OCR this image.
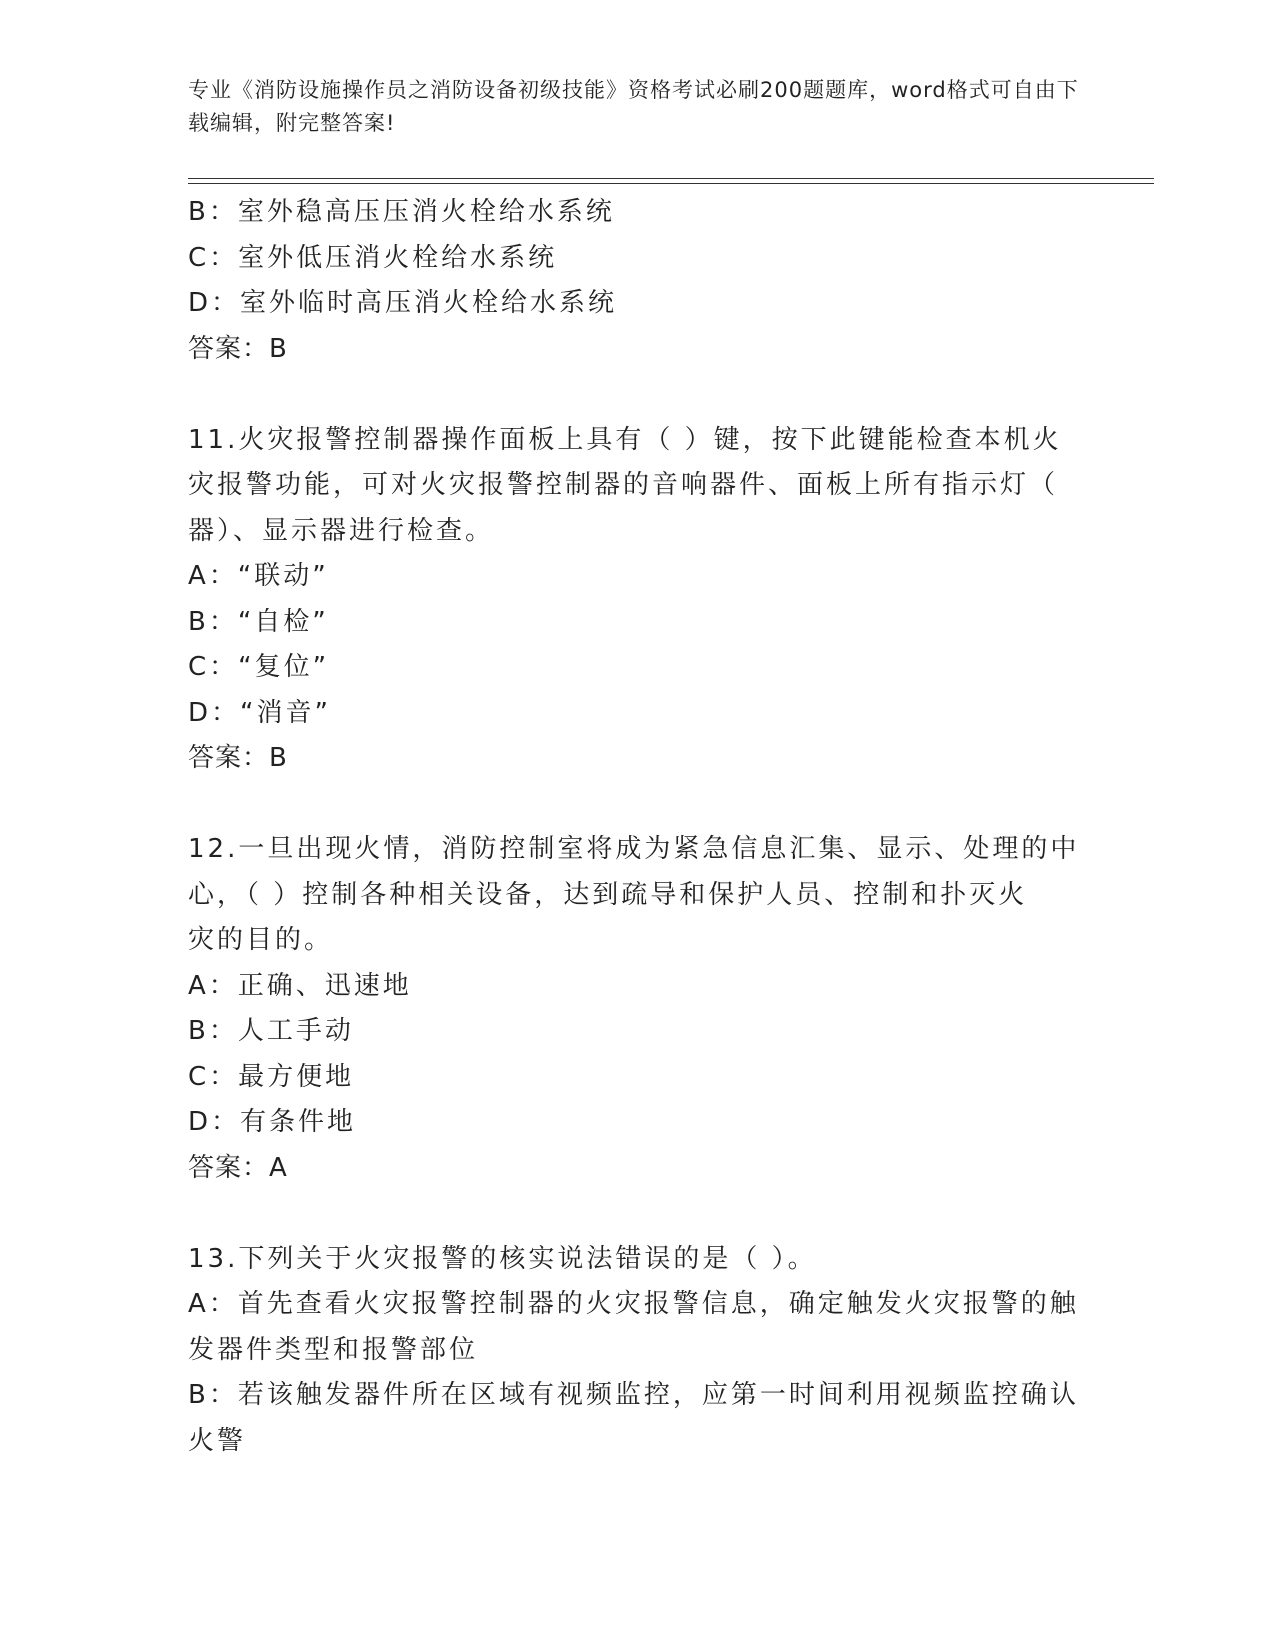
专业《消防设施操作员之消防设备初级技能》资格考试必刷200题题库，word格式可自由下载编辑，附完整答案!
B：室外稳高压压消火栓给水系统
C：室外低压消火栓给水系统
D：室外临时高压消火栓给水系统
答案：B
11.火灾报警控制器操作面板上具有（ ）键，按下此键能检查本机火
灾报警功能，可对火灾报警控制器的音响器件、面板上所有指示灯（
器）、显示器进行检查。
A：“联动”
B：“自检”
C：“复位”
D：“消音”
答案：B
12.一旦出现火情，消防控制室将成为紧急信息汇集、显示、处理的中
心，（ ）控制各种相关设备，达到疏导和保护人员、控制和扑灭火
灾的目的。
A：正确、迅速地
B：人工手动
C：最方便地
D：有条件地
答案：A
13.下列关于火灾报警的核实说法错误的是（ ）。
A：首先查看火灾报警控制器的火灾报警信息，确定触发火灾报警的触
发器件类型和报警部位
B：若该触发器件所在区域有视频监控，应第一时间利用视频监控确认
火警
